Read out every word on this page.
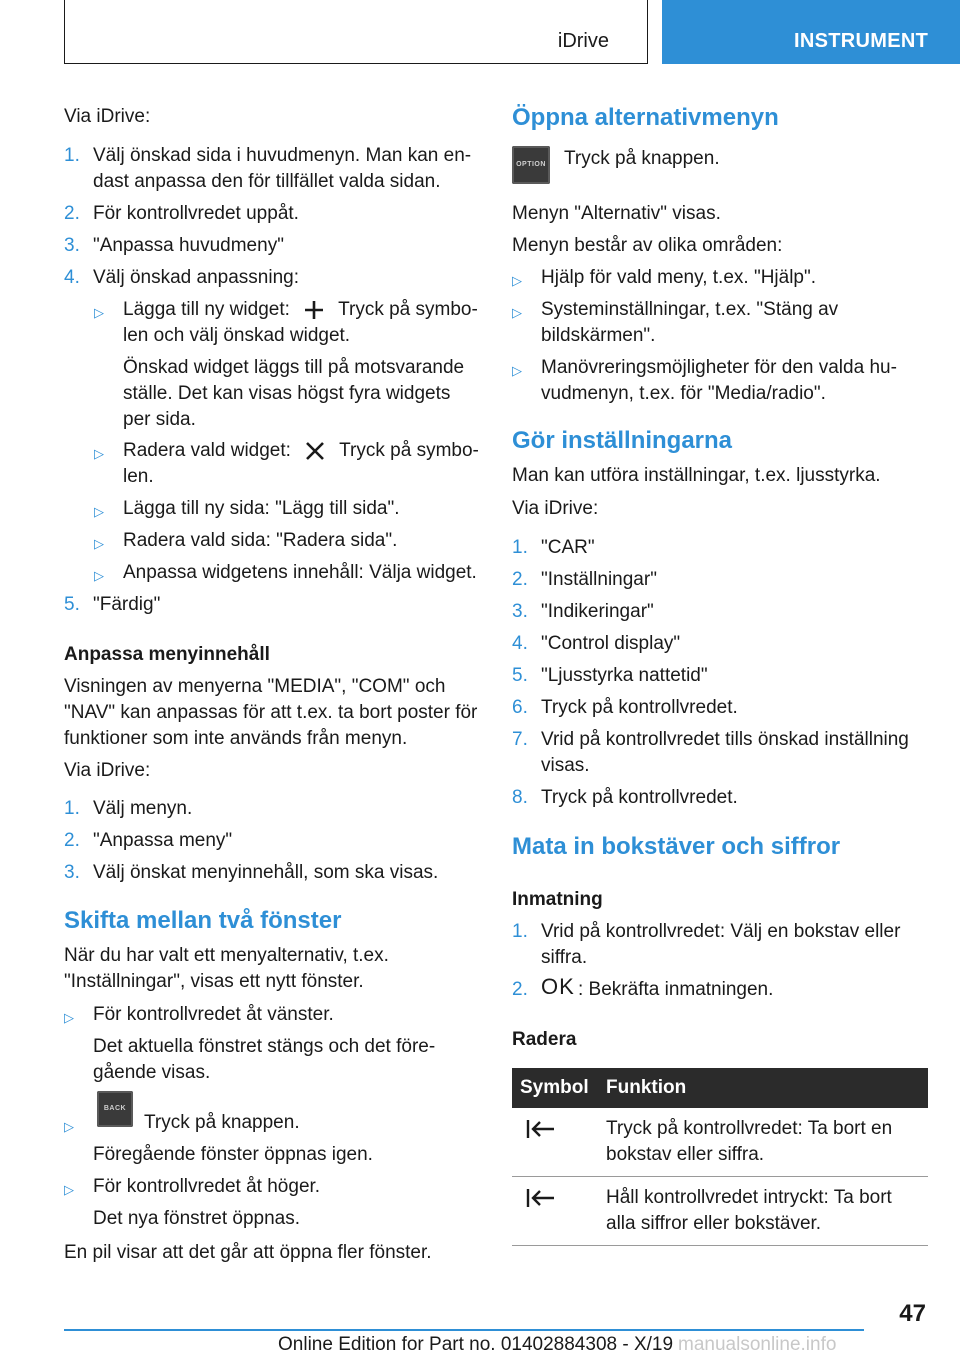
iDrive	INSTRUMENT
Via iDrive:
1. Välj önskad sida i huvudmenyn. Man kan en-
dast anpassa den för tillfället valda sidan.
2. För kontrollvredet uppåt.
3. "Anpassa huvudmeny"
4. Välj önskad anpassning:
▷ Lägga till ny widget:	Tryck på symbo-
len och välj önskad widget.
Önskad widget läggs till på motsvarande
ställe. Det kan visas högst fyra widgets
per sida.
▷ Radera vald widget:	Tryck på symbo-
len.
▷ Lägga till ny sida: "Lägg till sida".
▷ Radera vald sida: "Radera sida".
▷ Anpassa widgetens innehåll: Välja widget.
5. "Färdig"
Anpassa menyinnehåll
Visningen av menyerna "MEDIA", "COM" och
"NAV" kan anpassas för att t.ex. ta bort poster för
funktioner som inte används från menyn.
Via iDrive:
1. Välj menyn.
2. "Anpassa meny"
3. Välj önskat menyinnehåll, som ska visas.
Skifta mellan två fönster
När du har valt ett menyalternativ, t.ex.
"Inställningar", visas ett nytt fönster.
▷ För kontrollvredet åt vänster.
Det aktuella fönstret stängs och det före-
gående visas.
▷
BACK
Tryck på knappen.
Föregående fönster öppnas igen.
▷ För kontrollvredet åt höger.
Det nya fönstret öppnas.
En pil visar att det går att öppna fler fönster.
Öppna alternativmenyn
OPTION Tryck på knappen.
Menyn "Alternativ" visas.
Menyn består av olika områden:
▷ Hjälp för vald meny, t.ex. "Hjälp".
▷ Systeminställningar, t.ex. "Stäng av
bildskärmen".
▷ Manövreringsmöjligheter för den valda hu-
vudmenyn, t.ex. för "Media/radio".
Gör inställningarna
Man kan utföra inställningar, t.ex. ljusstyrka.
Via iDrive:
1. "CAR"
2. "Inställningar"
3. "Indikeringar"
4. "Control display"
5. "Ljusstyrka nattetid"
6. Tryck på kontrollvredet.
7. Vrid på kontrollvredet tills önskad inställning
visas.
8. Tryck på kontrollvredet.
Mata in bokstäver och siffror
Inmatning
1. Vrid på kontrollvredet: Välj en bokstav eller
siffra.
2. OK : Bekräfta inmatningen.
Radera
Symbol	Funktion

Tryck på kontrollvredet: Ta bort en
bokstav eller siffra.

Håll kontrollvredet intryckt: Ta bort
alla siffror eller bokstäver.
47
Online Edition for Part no. 01402884308 - X/19 manualsonline.info
